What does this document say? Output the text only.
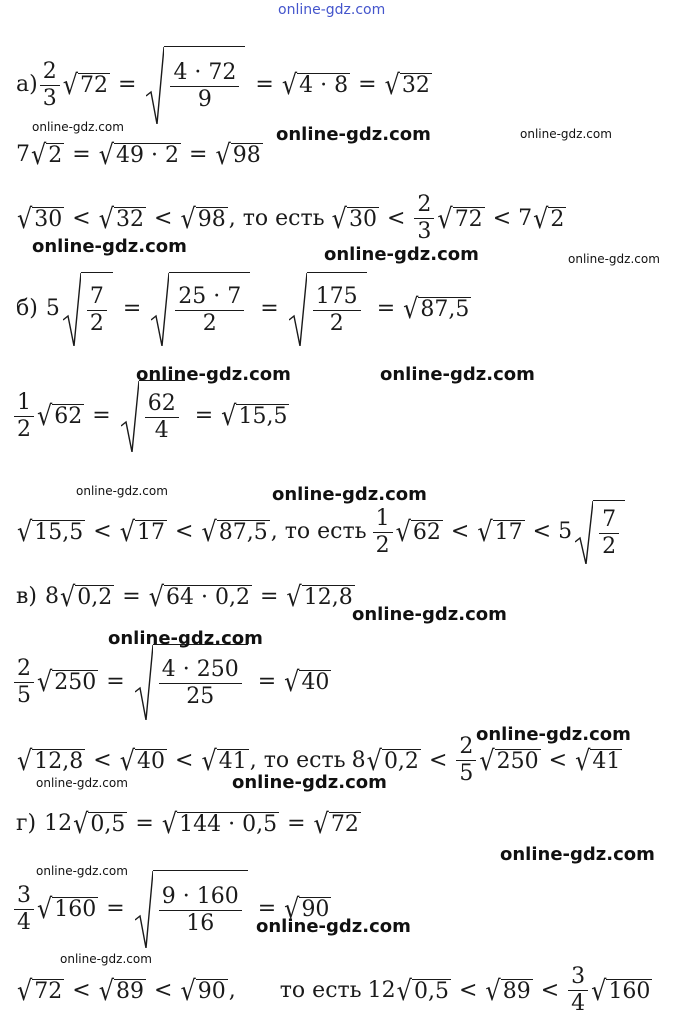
online-gdz.com
$а) \frac{2}{3}$ √ $72 = \frac{4 \cdot 72}{9}$ = √ 4 · 8 = √ 32
7 √ 2 = √ 49 · 2 = √ 98
√ 30 < √ 32 < √ 98 , то есть √ $30 < \frac{2}{3}$ √ 72 < 7 √ 2
б) $5 \frac{7}{2} = \frac{25 \cdot 7}{2} = \frac{175}{2}$ = √ 87,5
$\frac{1}{2}$ √ $62 = \frac{62}{4}$ = √ 15,5
√ 15,5 < √ 17 < √ 87,5 , то есть $\frac{1}{2}$ √ 62 < √ $17 < 5 \frac{7}{2}$
в) 8 √ 0,2 = √ 64 · 0,2 = √ 12,8
$\frac{2}{5}$ √ $250 = \frac{4 \cdot 250}{25}$ = √ 40
√ 12,8 < √ 40 < √ 41 , то есть 8 √ $0,2 < \frac{2}{5}$ √ 250 < √ 41
г) 12 √ 0,5 = √ 144 · 0,5 = √ 72
$\frac{3}{4}$ √ $160 = \frac{9 \cdot 160}{16}$ = √ 90
√ 72 < √ 89 < √ 90 , то есть 12 √ 0,5 < √ $89 < \frac{3}{4}$ √ 160
online-gdz.com	online-gdz.com	online-gdz.com
online-gdz.com	online-gdz.com	online-gdz.com
online-gdz.com	online-gdz.com
online-gdz.com	online-gdz.com
online-gdz.com
online-gdz.com
online-gdz.com
online-gdz.com	online-gdz.com
online-gdz.com
online-gdz.com
online-gdz.com
online-gdz.com
